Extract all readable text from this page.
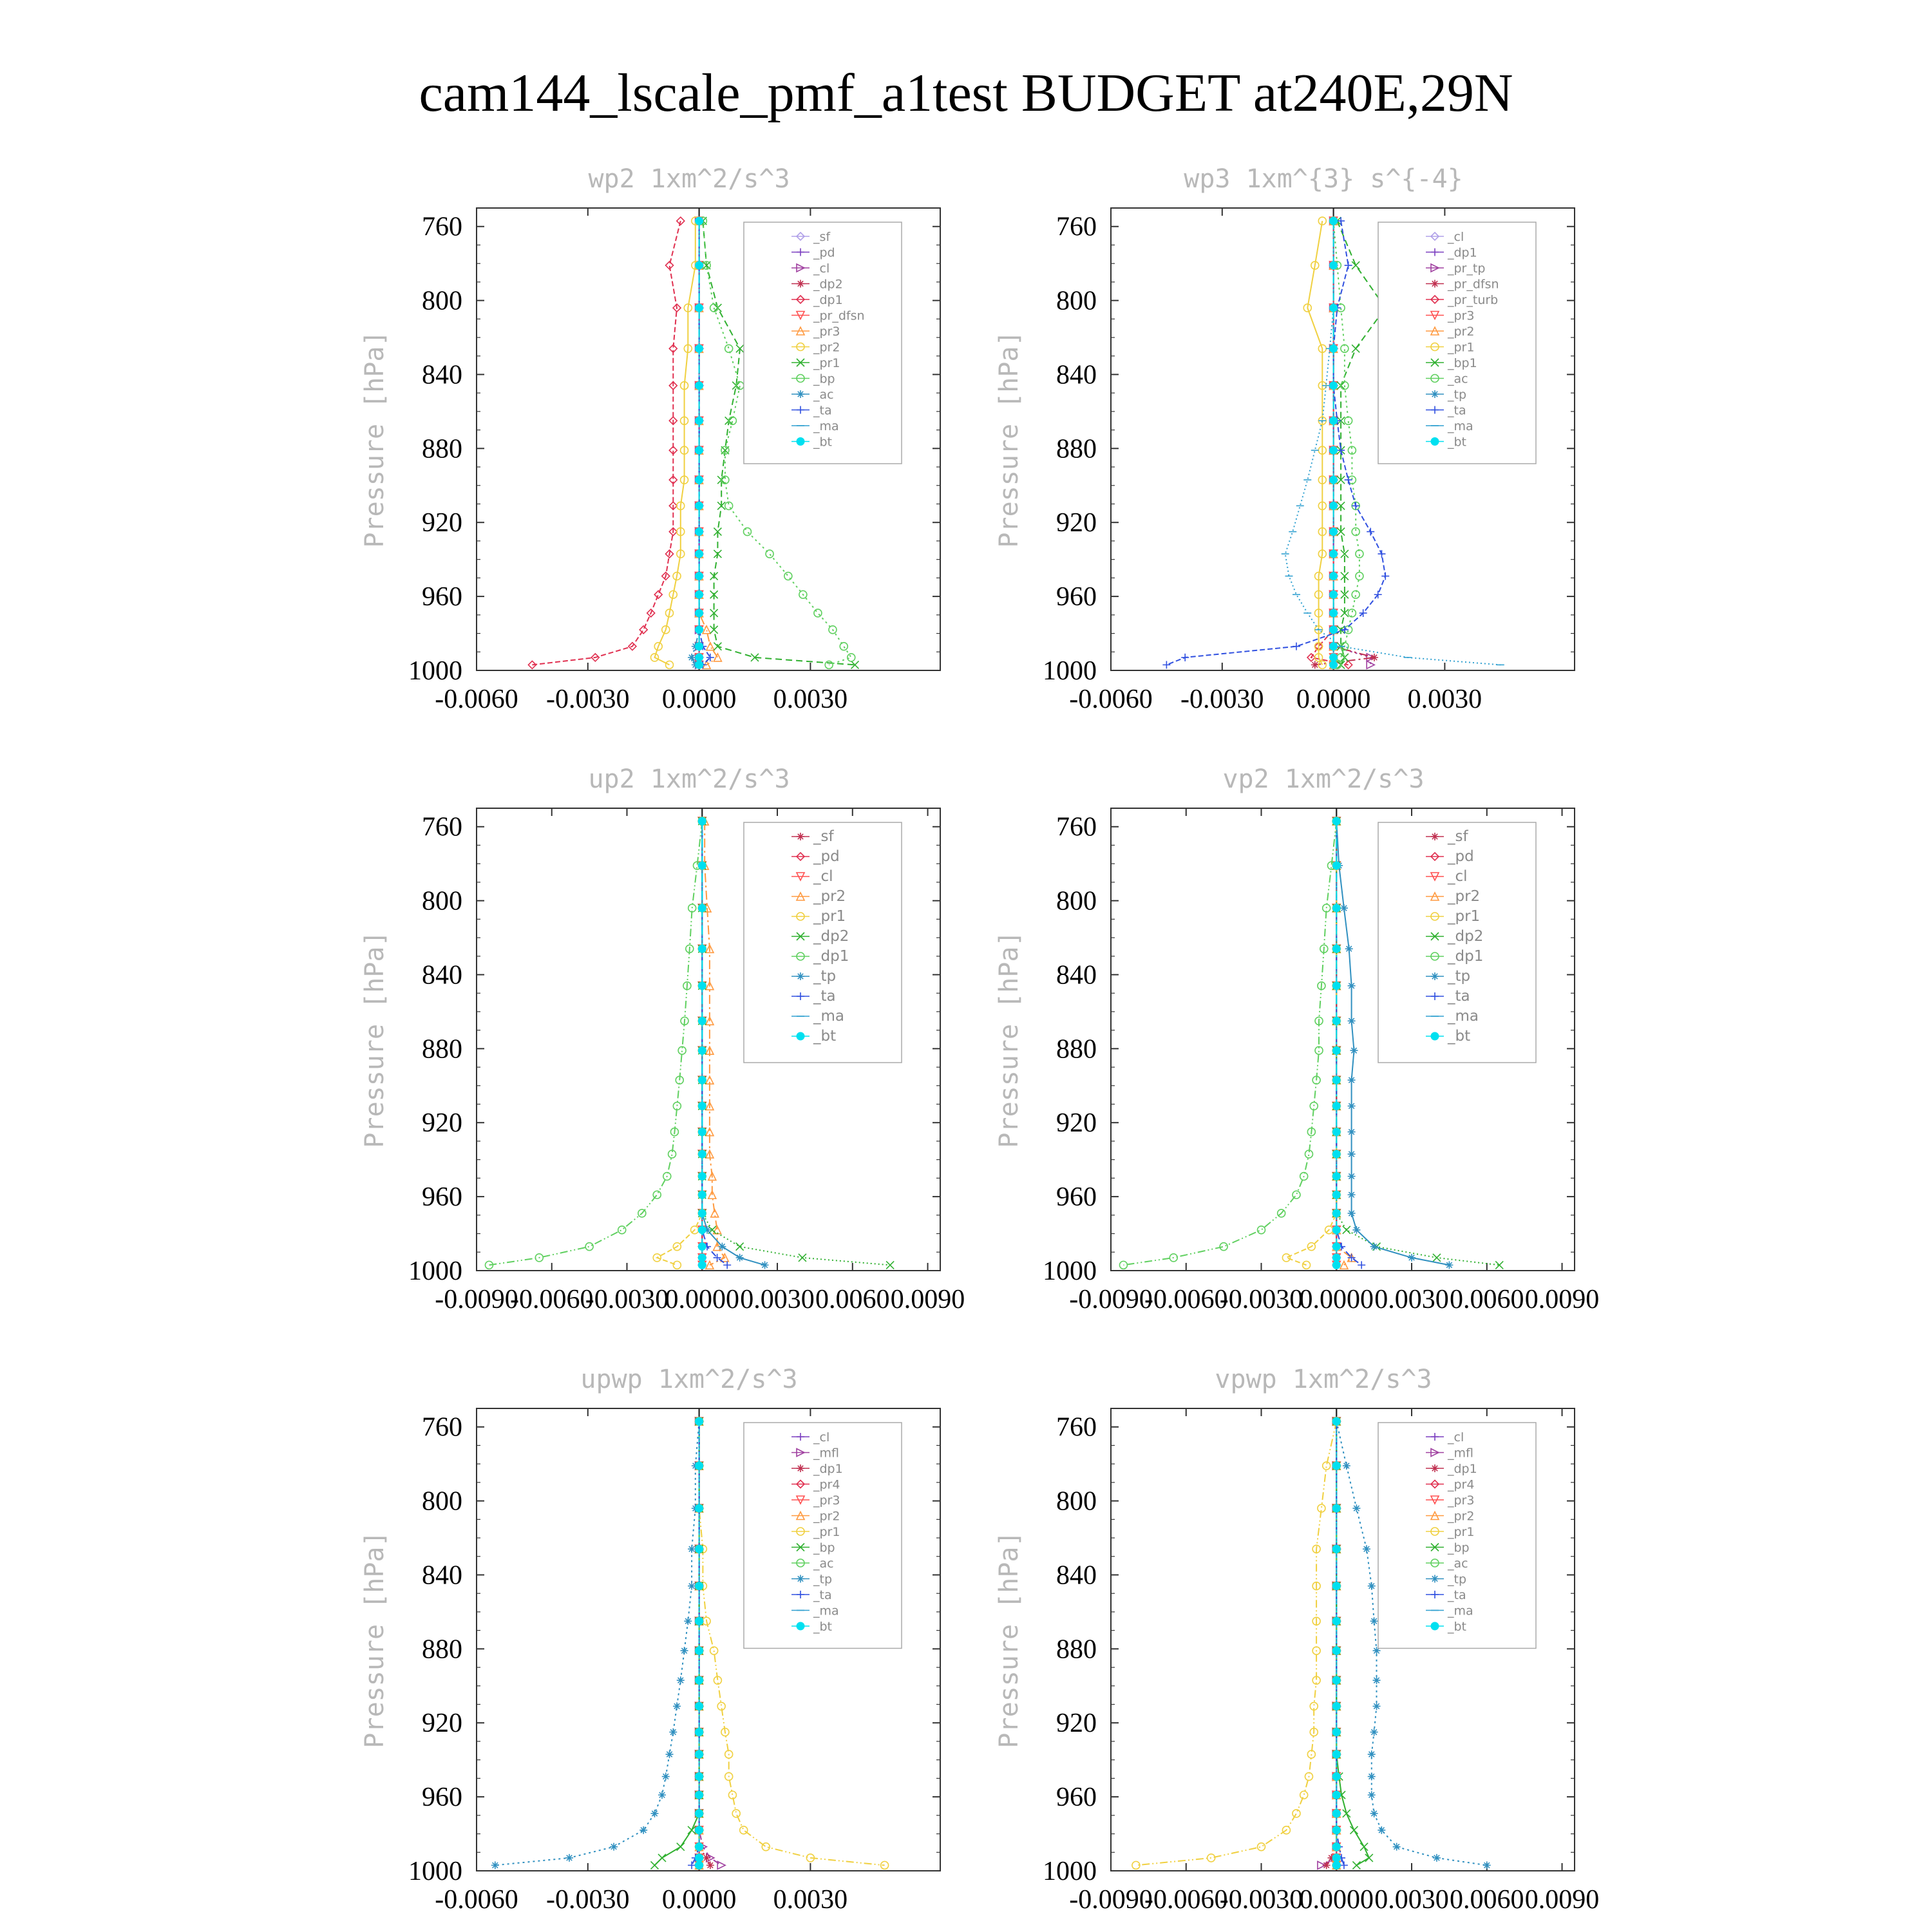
cam144_lscale_pmf_a1test BUDGET at240E,29N
wp2 1xm^2/s^3
Pressure [hPa]
760
800
840
880
920
960
1000
-0.0060 -0.0030 0.0000 0.0030
_sf
_pd
_cl
_dp2
_dp1
_pr_dfsn
_pr3
_pr2
_pr1
_bp
_ac
_ta
_ma
_bt
wp3 1xm^{3} s^{-4}
Pressure [hPa]
760
800
840
880
920
960
1000
-0.0060 -0.0030 0.0000 0.0030
_cl
_dp1
_pr_tp
_pr_dfsn
_pr_turb
_pr3
_pr2
_pr1
_bp1
_ac
_tp
_ta
_ma
_bt
up2 1xm^2/s^3
Pressure [hPa]
760
800
840
880
920
960
1000
-0.0090
-0.0060
-0.0030
0.0000 0.0030 0.0060 0.0090
_sf
_pd
_cl
_pr2
_pr1
_dp2
_dp1
_tp
_ta
_ma
_bt
vp2 1xm^2/s^3
Pressure [hPa]
760
800
840
880
920
960
1000
-0.0090
-0.0060
-0.0030
0.0000 0.0030 0.0060 0.0090
_sf
_pd
_cl
_pr2
_pr1
_dp2
_dp1
_tp
_ta
_ma
_bt
upwp 1xm^2/s^3
Pressure [hPa]
760
800
840
880
920
960
1000
-0.0060 -0.0030 0.0000 0.0030
_cl
_mfl
_dp1
_pr4
_pr3
_pr2
_pr1
_bp
_ac
_tp
_ta
_ma
_bt
vpwp 1xm^2/s^3
Pressure [hPa]
760
800
840
880
920
960
1000
-0.0090
-0.0060
-0.0030
0.0000 0.0030 0.0060 0.0090
_cl
_mfl
_dp1
_pr4
_pr3
_pr2
_pr1
_bp
_ac
_tp
_ta
_ma
_bt
